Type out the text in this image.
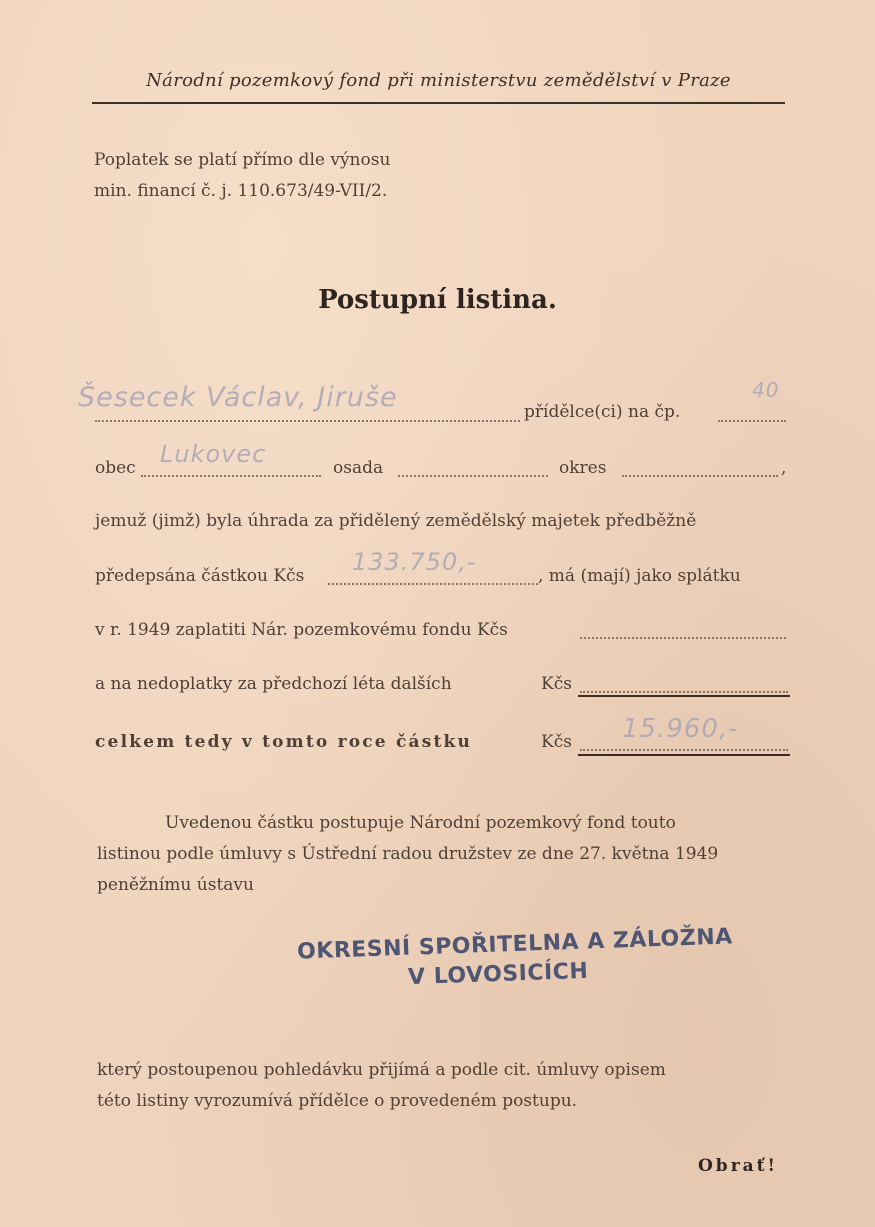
Národní pozemkový fond při ministerstvu zemědělství v Praze
Poplatek se platí přímo dle výnosu
min. financí č. j. 110.673/49-VII/2.
Postupní listina.
Šesecek Václav, Jiruše	přídělce(ci) na čp.
40
obec Lukovec	osada	okres	,
jemuž (jimž) byla úhrada za přidělený zemědělský majetek předběžně
předepsána částkou Kčs 133.750,-	, má (mají) jako splátku
v r. 1949 zaplatiti Nár. pozemkovému fondu Kčs
a na nedoplatky za předchozí léta dalších	Kčs
celkem tedy v tomto roce částku	Kčs 15.960,-
Uvedenou částku postupuje Národní pozemkový fond touto
listinou podle úmluvy s Ústřední radou družstev ze dne 27. května 1949
peněžnímu ústavu
OKRESNÍ SPOŘITELNA A ZÁLOŽNA
V LOVOSICÍCH
který postoupenou pohledávku přijímá a podle cit. úmluvy opisem
této listiny vyrozumívá přídělce o provedeném postupu.
Obrať!
